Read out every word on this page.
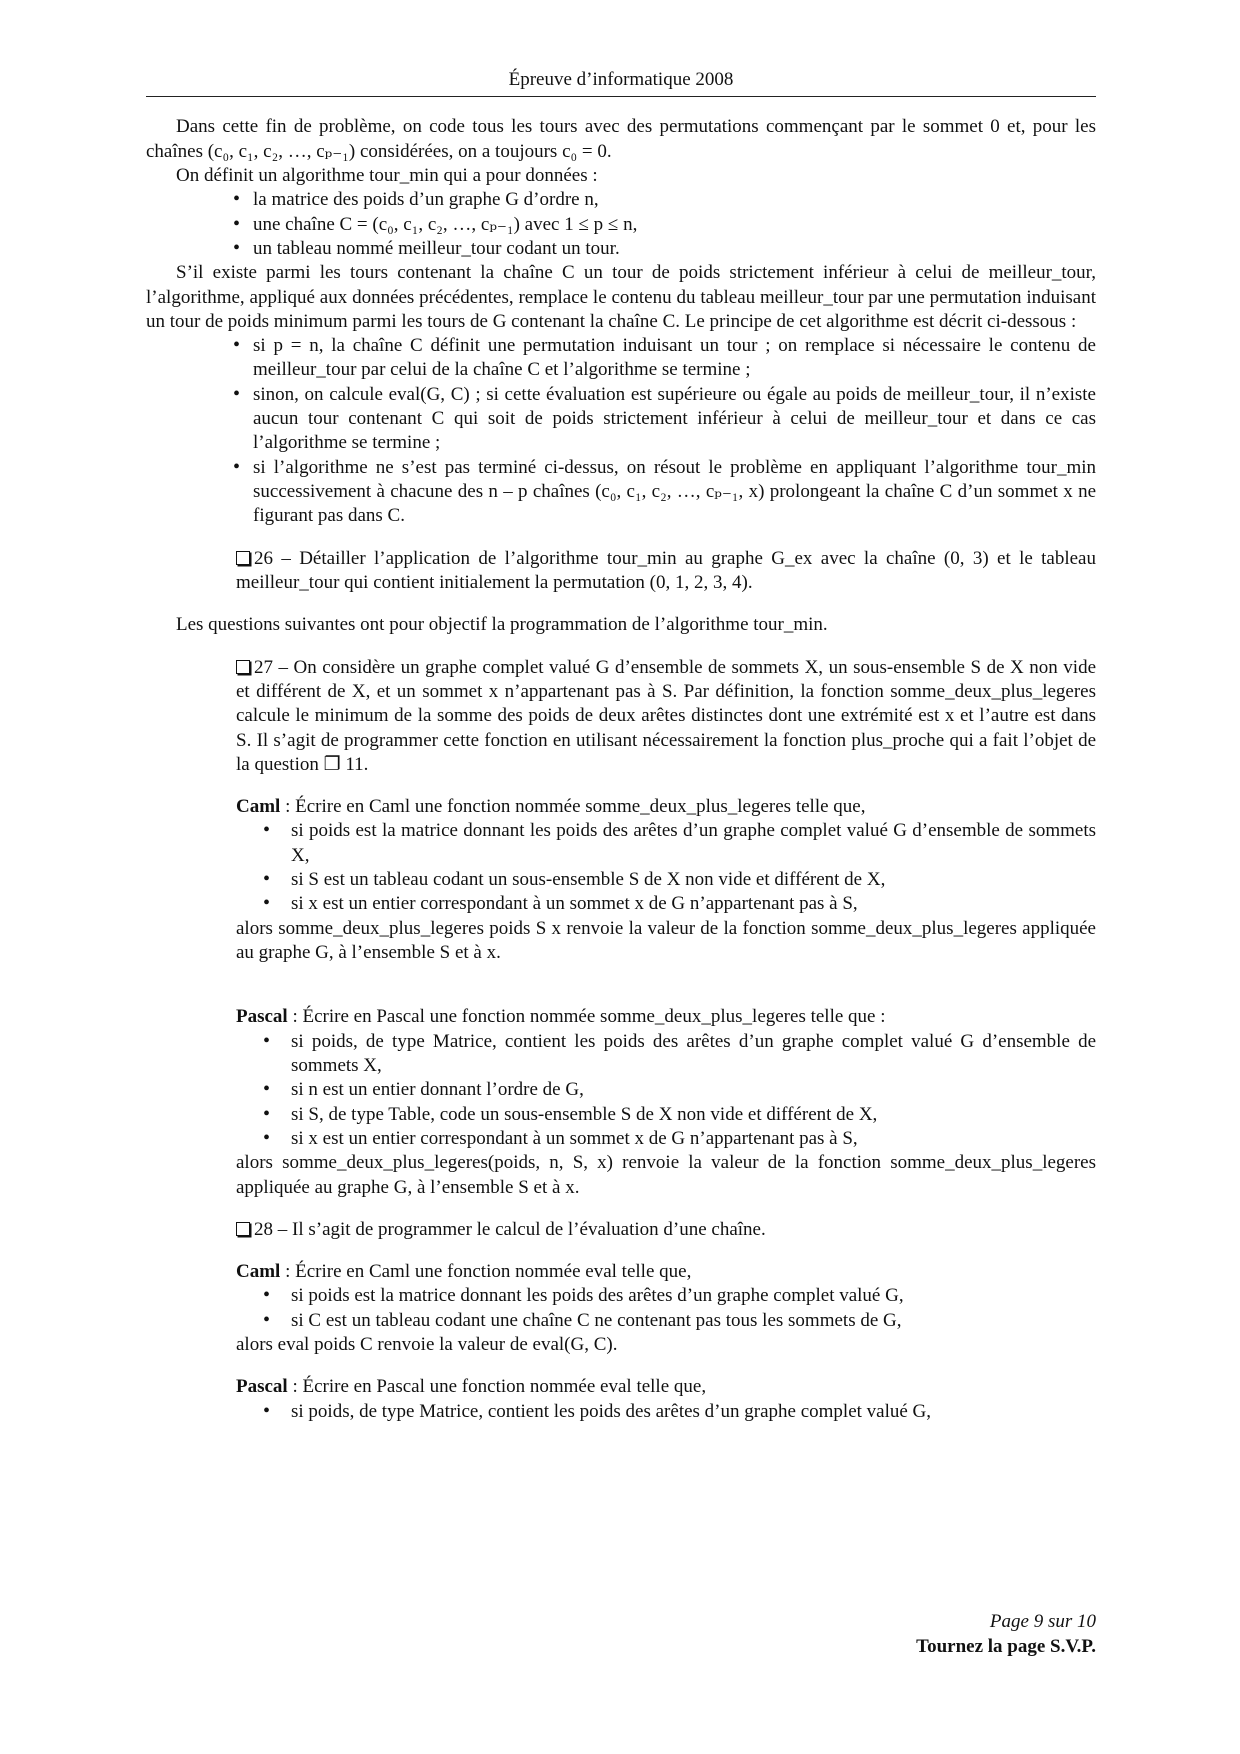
Épreuve d’informatique 2008

Dans cette fin de problème, on code tous les tours avec des permutations commençant par le sommet 0 et, pour les chaînes (c₀, c₁, c₂, …, cₚ₋₁) considérées, on a toujours c₀ = 0.

On définit un algorithme tour_min qui a pour données :

• la matrice des poids d’un graphe G d’ordre n,
• une chaîne C = (c₀, c₁, c₂, …, cₚ₋₁) avec 1 ≤ p ≤ n,
• un tableau nommé meilleur_tour codant un tour.

S’il existe parmi les tours contenant la chaîne C un tour de poids strictement inférieur à celui de meilleur_tour, l’algorithme, appliqué aux données précédentes, remplace le contenu du tableau meilleur_tour par une permutation induisant un tour de poids minimum parmi les tours de G contenant la chaîne C. Le principe de cet algorithme est décrit ci-dessous :

• si p = n, la chaîne C définit une permutation induisant un tour ; on remplace si nécessaire le contenu de meilleur_tour par celui de la chaîne C et l’algorithme se termine ;
• sinon, on calcule eval(G, C) ; si cette évaluation est supérieure ou égale au poids de meilleur_tour, il n’existe aucun tour contenant C qui soit de poids strictement inférieur à celui de meilleur_tour et dans ce cas l’algorithme se termine ;
• si l’algorithme ne s’est pas terminé ci-dessus, on résout le problème en appliquant l’algorithme tour_min successivement à chacune des n – p chaînes (c₀, c₁, c₂, …, cₚ₋₁, x) prolongeant la chaîne C d’un sommet x ne figurant pas dans C.

26 – Détailler l’application de l’algorithme tour_min au graphe G_ex avec la chaîne (0, 3) et le tableau meilleur_tour qui contient initialement la permutation (0, 1, 2, 3, 4).

Les questions suivantes ont pour objectif la programmation de l’algorithme tour_min.

27 – On considère un graphe complet valué G d’ensemble de sommets X, un sous-ensemble S de X non vide et différent de X, et un sommet x n’appartenant pas à S. Par définition, la fonction somme_deux_plus_legeres calcule le minimum de la somme des poids de deux arêtes distinctes dont une extrémité est x et l’autre est dans S. Il s’agit de programmer cette fonction en utilisant nécessairement la fonction plus_proche qui a fait l’objet de la question ❐ 11.

Caml : Écrire en Caml une fonction nommée somme_deux_plus_legeres telle que,

• si poids est la matrice donnant les poids des arêtes d’un graphe complet valué G d’ensemble de sommets X,
• si S est un tableau codant un sous-ensemble S de X non vide et différent de X,
• si x est un entier correspondant à un sommet x de G n’appartenant pas à S,

alors somme_deux_plus_legeres poids S x renvoie la valeur de la fonction somme_deux_plus_legeres appliquée au graphe G, à l’ensemble S et à x.

Pascal : Écrire en Pascal une fonction nommée somme_deux_plus_legeres telle que :

• si poids, de type Matrice, contient les poids des arêtes d’un graphe complet valué G d’ensemble de sommets X,
• si n est un entier donnant l’ordre de G,
• si S, de type Table, code un sous-ensemble S de X non vide et différent de X,
• si x est un entier correspondant à un sommet x de G n’appartenant pas à S,

alors somme_deux_plus_legeres(poids, n, S, x) renvoie la valeur de la fonction somme_deux_plus_legeres appliquée au graphe G, à l’ensemble S et à x.

28 – Il s’agit de programmer le calcul de l’évaluation d’une chaîne.

Caml : Écrire en Caml une fonction nommée eval telle que,

• si poids est la matrice donnant les poids des arêtes d’un graphe complet valué G,
• si C est un tableau codant une chaîne C ne contenant pas tous les sommets de G,

alors eval poids C renvoie la valeur de eval(G, C).

Pascal : Écrire en Pascal une fonction nommée eval telle que,

• si poids, de type Matrice, contient les poids des arêtes d’un graphe complet valué G,
Page 9 sur 10
Tournez la page S.V.P.
